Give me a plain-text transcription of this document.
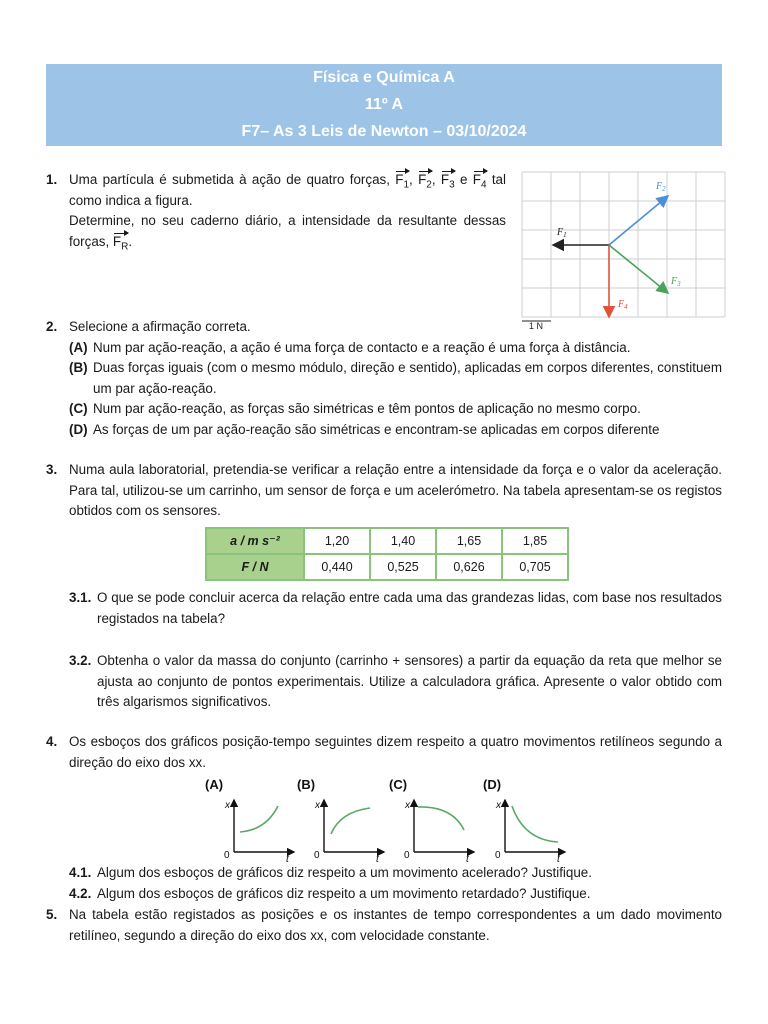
Física e Química A
11º A
F7– As 3 Leis de Newton – 03/10/2024
1. Uma partícula é submetida à ação de quatro forças, $F_1$, $F_2$, $F_3$ e $F_4$ tal como indica a figura.
Determine, no seu caderno diário, a intensidade da resultante dessas forças, $F_R$.
$F_1$
$F_2$
$F_3$
$F_4$
1 N
2. Selecione a afirmação correta.
(A) Num par ação-reação, a ação é uma força de contacto e a reação é uma força à distância.
(B) Duas forças iguais (com o mesmo módulo, direção e sentido), aplicadas em corpos diferentes, constituem um par ação-reação.
(C) Num par ação-reação, as forças são simétricas e têm pontos de aplicação no mesmo corpo.
(D) As forças de um par ação-reação são simétricas e encontram-se aplicadas em corpos diferente
3. Numa aula laboratorial, pretendia-se verificar a relação entre a intensidade da força e o valor da aceleração. Para tal, utilizou-se um carrinho, um sensor de força e um acelerómetro. Na tabela apresentam-se os registos obtidos com os sensores.
a / m s⁻²	1,20	1,40	1,65	1,85
F / N	0,440	0,525	0,626	0,705
3.1. O que se pode concluir acerca da relação entre cada uma das grandezas lidas, com base nos resultados registados na tabela?
3.2. Obtenha o valor da massa do conjunto (carrinho + sensores) a partir da equação da reta que melhor se ajusta ao conjunto de pontos experimentais. Utilize a calculadora gráfica. Apresente o valor obtido com três algarismos significativos.
4. Os esboços dos gráficos posição-tempo seguintes dizem respeito a quatro movimentos retilíneos segundo a direção do eixo dos xx.
(A)
x
t
0
(B)
x
t
0
(C)
x
t
0
(D)
x
t
0
4.1. Algum dos esboços de gráficos diz respeito a um movimento acelerado? Justifique.
4.2. Algum dos esboços de gráficos diz respeito a um movimento retardado? Justifique.
5. Na tabela estão registados as posições e os instantes de tempo correspondentes a um dado movimento retilíneo, segundo a direção do eixo dos xx, com velocidade constante.
